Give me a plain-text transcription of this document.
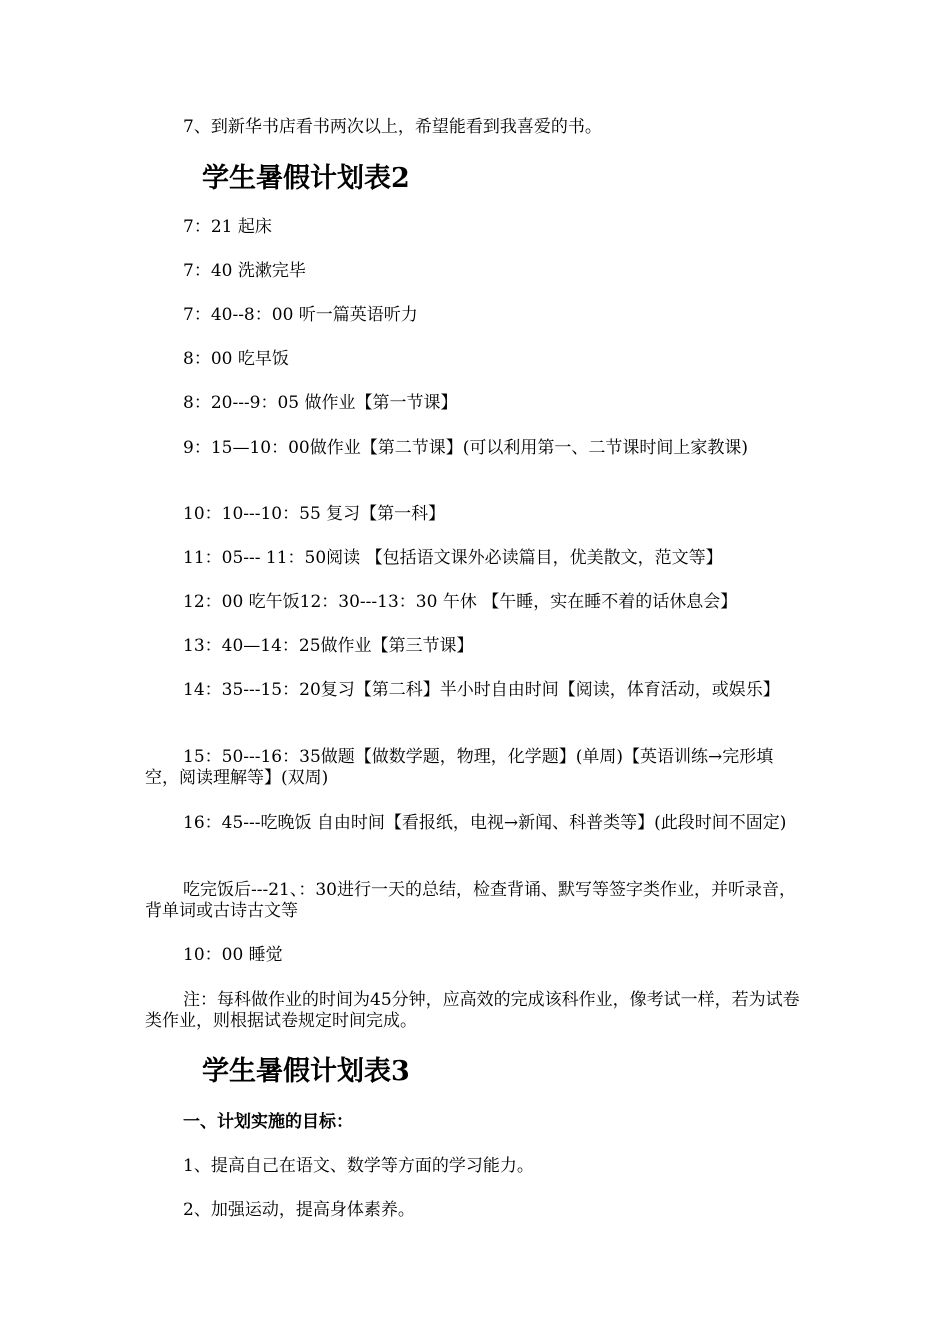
7、到新华书店看书两次以上，希望能看到我喜爱的书。

学生暑假计划表2

7：21 起床

7：40 洗漱完毕

7：40--8：00 听一篇英语听力

8：00 吃早饭

8：20---9：05 做作业【第一节课】

9：15—10：00做作业【第二节课】(可以利用第一、二节课时间上家教课)

10：10---10：55 复习【第一科】

11：05--- 11：50阅读 【包括语文课外必读篇目，优美散文，范文等】

12：00 吃午饭12：30---13：30 午休 【午睡，实在睡不着的话休息会】

13：40—14：25做作业【第三节课】

14：35---15：20复习【第二科】半小时自由时间【阅读，体育活动，或娱乐】

15：50---16：35做题【做数学题，物理，化学题】(单周)【英语训练→完形填空，阅读理解等】(双周)

16：45---吃晚饭 自由时间【看报纸，电视→新闻、科普类等】(此段时间不固定)

吃完饭后---21、：30进行一天的总结，检查背诵、默写等签字类作业，并听录音，背单词或古诗古文等

10：00 睡觉

注：每科做作业的时间为45分钟，应高效的完成该科作业，像考试一样，若为试卷类作业，则根据试卷规定时间完成。

学生暑假计划表3

一、计划实施的目标：

1、提高自己在语文、数学等方面的学习能力。

2、加强运动，提高身体素养。
